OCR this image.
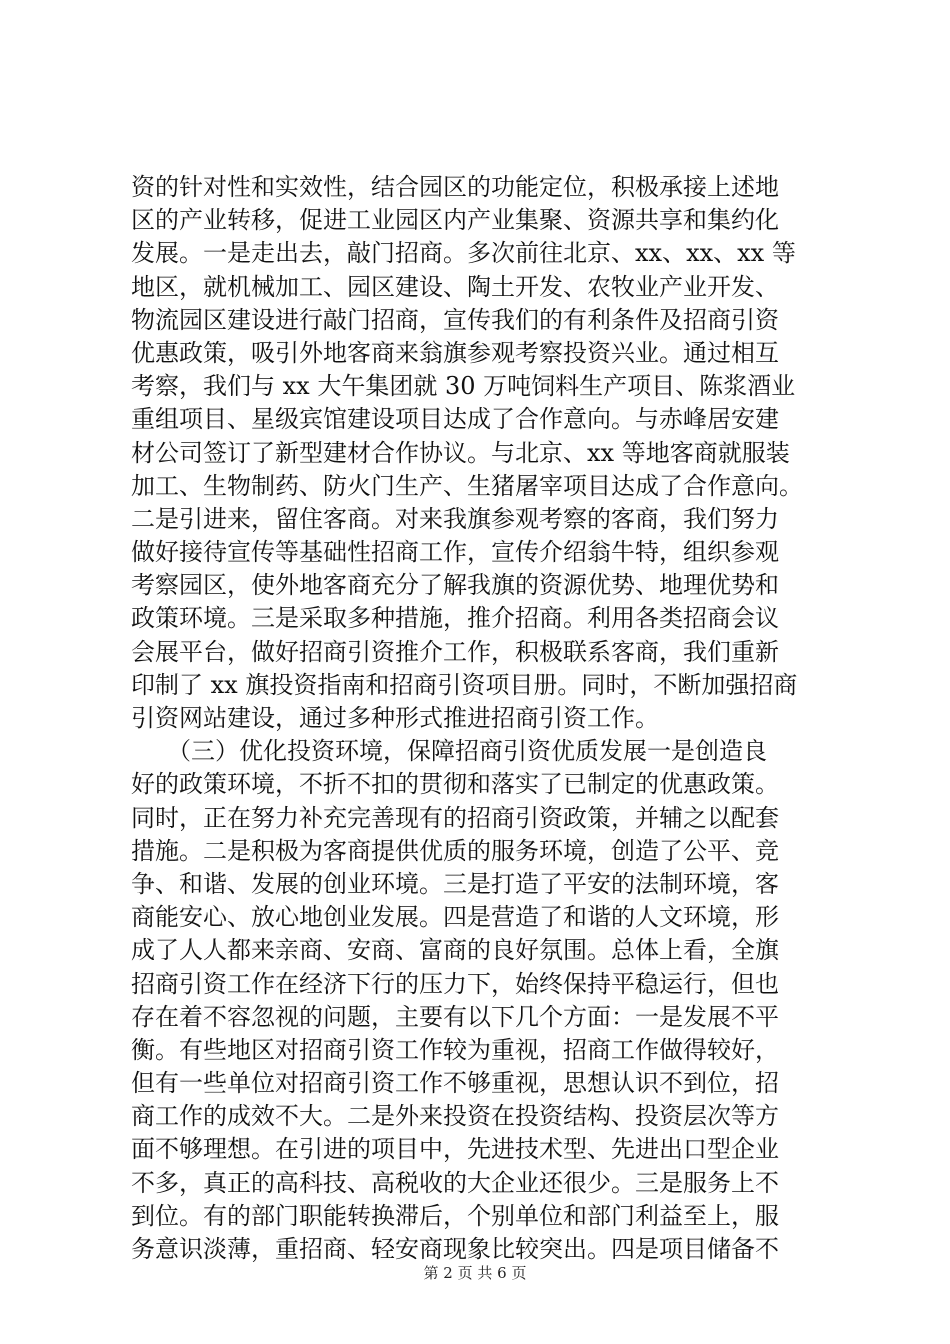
资的针对性和实效性，结合园区的功能定位，积极承接上述地
区的产业转移，促进工业园区内产业集聚、资源共享和集约化
发展。一是走出去，敲门招商。多次前往北京、xx、xx、xx 等
地区，就机械加工、园区建设、陶土开发、农牧业产业开发、
物流园区建设进行敲门招商，宣传我们的有利条件及招商引资
优惠政策，吸引外地客商来翁旗参观考察投资兴业。通过相互
考察，我们与 xx 大午集团就 30 万吨饲料生产项目、陈浆酒业
重组项目、星级宾馆建设项目达成了合作意向。与赤峰居安建
材公司签订了新型建材合作协议。与北京、xx 等地客商就服装
加工、生物制药、防火门生产、生猪屠宰项目达成了合作意向。
二是引进来，留住客商。对来我旗参观考察的客商，我们努力
做好接待宣传等基础性招商工作，宣传介绍翁牛特，组织参观
考察园区，使外地客商充分了解我旗的资源优势、地理优势和
政策环境。三是采取多种措施，推介招商。利用各类招商会议
会展平台，做好招商引资推介工作，积极联系客商，我们重新
印制了 xx 旗投资指南和招商引资项目册。同时，不断加强招商
引资网站建设，通过多种形式推进招商引资工作。
　　（三）优化投资环境，保障招商引资优质发展一是创造良
好的政策环境，不折不扣的贯彻和落实了已制定的优惠政策。
同时，正在努力补充完善现有的招商引资政策，并辅之以配套
措施。二是积极为客商提供优质的服务环境，创造了公平、竞
争、和谐、发展的创业环境。三是打造了平安的法制环境，客
商能安心、放心地创业发展。四是营造了和谐的人文环境，形
成了人人都来亲商、安商、富商的良好氛围。总体上看，全旗
招商引资工作在经济下行的压力下，始终保持平稳运行，但也
存在着不容忽视的问题，主要有以下几个方面：一是发展不平
衡。有些地区对招商引资工作较为重视，招商工作做得较好，
但有一些单位对招商引资工作不够重视，思想认识不到位，招
商工作的成效不大。二是外来投资在投资结构、投资层次等方
面不够理想。在引进的项目中，先进技术型、先进出口型企业
不多，真正的高科技、高税收的大企业还很少。三是服务上不
到位。有的部门职能转换滞后，个别单位和部门利益至上，服
务意识淡薄，重招商、轻安商现象比较突出。四是项目储备不
第 2 页 共 6 页
